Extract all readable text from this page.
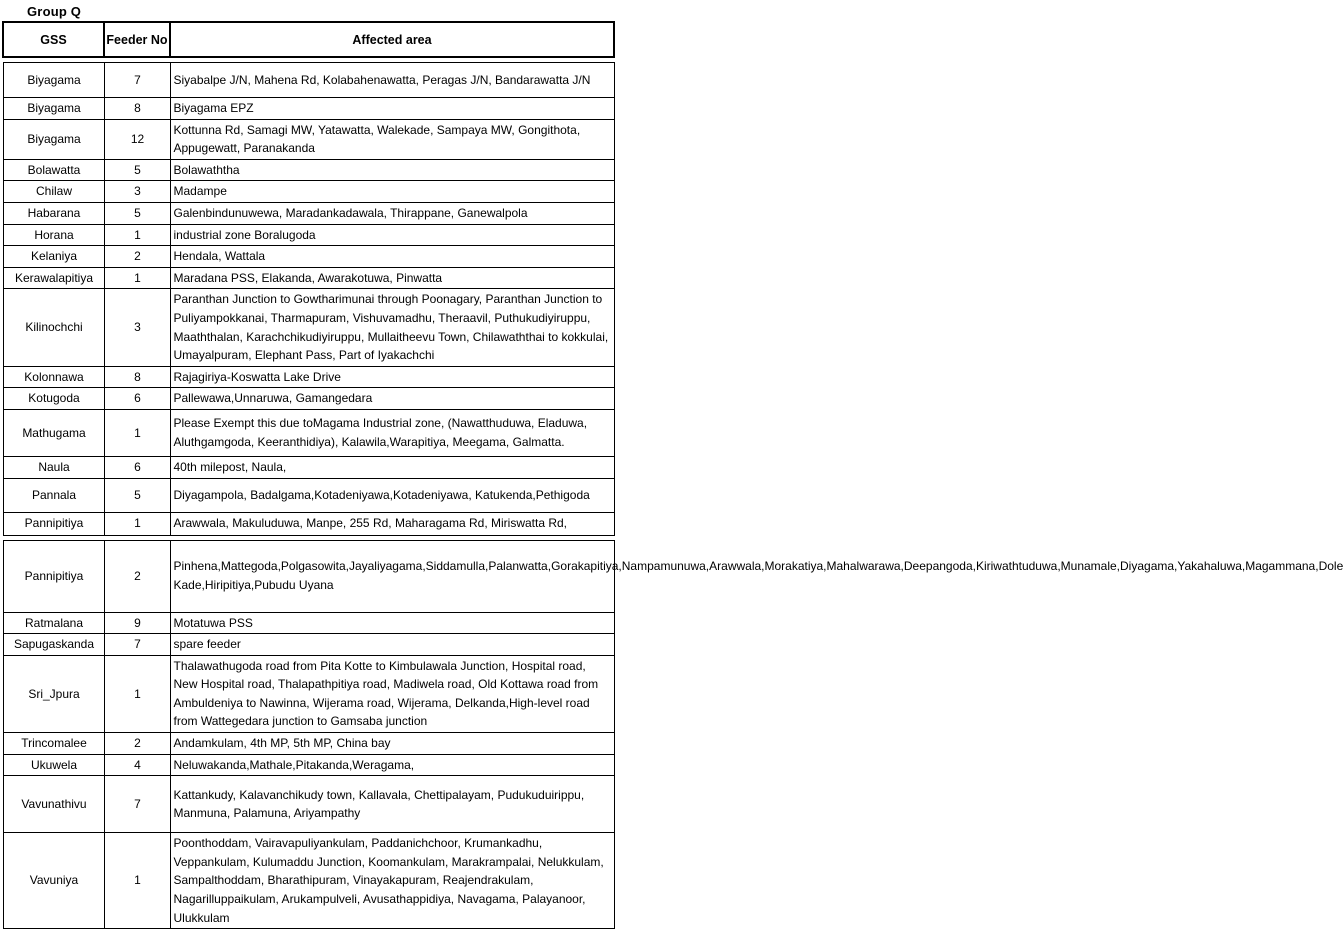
Group Q
GSS	Feeder No	Affected area

Biyagama	7	Siyabalpe J/N, Mahena Rd, Kolabahenawatta, Peragas J/N, Bandarawatta J/N
Biyagama	8	Biyagama EPZ
Biyagama	12	Kottunna Rd, Samagi MW, Yatawatta, Walekade, Sampaya MW, Gongithota, Appugewatt, Paranakanda
Bolawatta	5	Bolawaththa
Chilaw	3	Madampe
Habarana	5	Galenbindunuwewa, Maradankadawala, Thirappane, Ganewalpola
Horana	1	industrial zone Boralugoda
Kelaniya	2	Hendala, Wattala
Kerawalapitiya	1	Maradana PSS, Elakanda, Awarakotuwa, Pinwatta
Kilinochchi	3	Paranthan Junction to Gowtharimunai through Poonagary, Paranthan Junction to Puliyampokkanai, Tharmapuram, Vishuvamadhu, Theraavil, Puthukudiyiruppu, Maaththalan, Karachchikudiyiruppu, Mullaitheevu Town, Chilawaththai to kokkulai, Umayalpuram, Elephant Pass, Part of Iyakachchi
Kolonnawa	8	Rajagiriya-Koswatta Lake Drive
Kotugoda	6	Pallewawa,Unnaruwa, Gamangedara
Mathugama	1	Please Exempt this due toMagama Industrial zone, (Nawatthuduwa, Eladuwa, Aluthgamgoda, Keeranthidiya), Kalawila,Warapitiya, Meegama, Galmatta.
Naula	6	40th milepost, Naula,
Pannala	5	Diyagampola, Badalgama,Kotadeniyawa,Kotadeniyawa, Katukenda,Pethigoda
Pannipitiya	1	Arawwala, Makuluduwa, Manpe, 255 Rd, Maharagama Rd, Miriswatta Rd,

Pannipitiya	2	Pinhena,Mattegoda,Polgasowita,Jayaliyagama,Siddamulla,Palanwatta,Gorakapitiya,Nampamunuwa,Arawwala,Morakatiya,Mahalwarawa,Deepangoda,Kiriwathtuduwa,Munamale,Diyagama,Yakahaluwa,Magammana,Dole Kade,Hiripitiya,Pubudu Uyana
Ratmalana	9	Motatuwa PSS
Sapugaskanda	7	spare feeder
Sri_Jpura	1	Thalawathugoda road from Pita Kotte to Kimbulawala Junction, Hospital road, New Hospital road, Thalapathpitiya road, Madiwela road, Old Kottawa road from Ambuldeniya to Nawinna, Wijerama road, Wijerama, Delkanda,High-level road from Wattegedara junction to Gamsaba junction
Trincomalee	2	Andamkulam, 4th MP, 5th MP, China bay
Ukuwela	4	Neluwakanda,Mathale,Pitakanda,Weragama,
Vavunathivu	7	Kattankudy, Kalavanchikudy town, Kallavala, Chettipalayam, Pudukuduirippu, Manmuna, Palamuna, Ariyampathy
Vavuniya	1	Poonthoddam, Vairavapuliyankulam, Paddanichchoor, Krumankadhu, Veppankulam, Kulumaddu Junction, Koomankulam, Marakrampalai, Nelukkulam, Sampalthoddam, Bharathipuram, Vinayakapuram, Reajendrakulam, Nagarilluppaikulam, Arukampulveli, Avusathappidiya, Navagama, Palayanoor, Ulukkulam
